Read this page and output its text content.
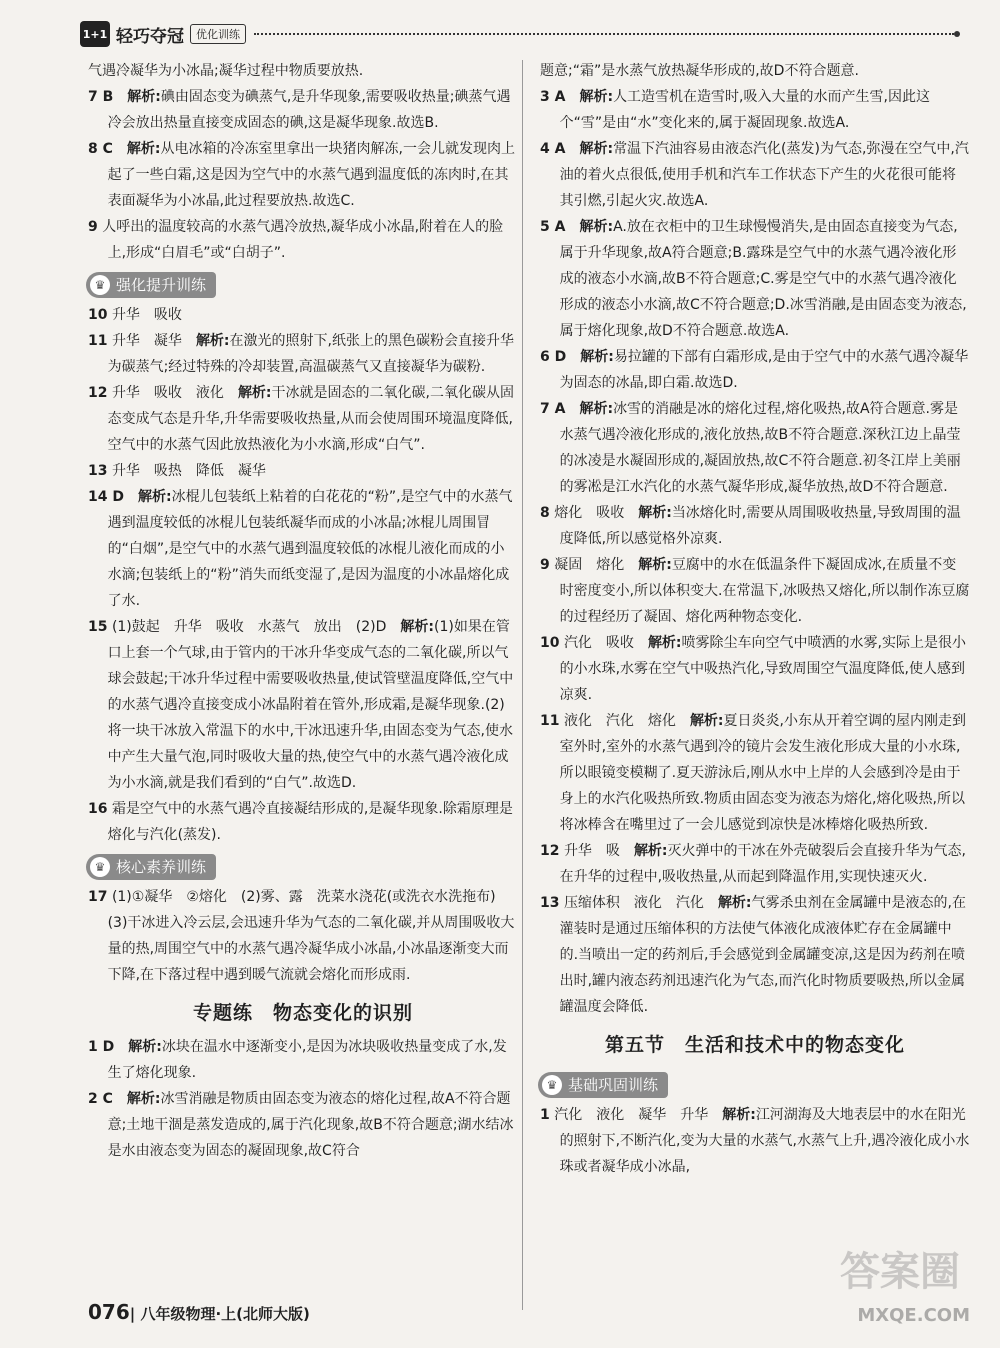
1+1 轻巧夺冠	优化训练

气遇冷凝华为小冰晶;凝华过程中物质要放热.

7 B　 解析:碘由固态变为碘蒸气,是升华现象,需要吸收热量;碘蒸气遇冷会放出热量直接变成固态的碘,这是凝华现象.故选B.

8 C　 解析:从电冰箱的冷冻室里拿出一块猪肉解冻,一会儿就发现肉上起了一些白霜,这是因为空气中的水蒸气遇到温度低的冻肉时,在其表面凝华为小冰晶,此过程要放热.故选C.

9 人呼出的温度较高的水蒸气遇冷放热,凝华成小冰晶,附着在人的脸上,形成“白眉毛”或“白胡子”.

♛ 强化提升训练

10 升华　吸收

11 升华　凝华　解析:在激光的照射下,纸张上的黑色碳粉会直接升华为碳蒸气;经过特殊的冷却装置,高温碳蒸气又直接凝华为碳粉.

12 升华　吸收　液化　解析:干冰就是固态的二氧化碳,二氧化碳从固态变成气态是升华,升华需要吸收热量,从而会使周围环境温度降低,空气中的水蒸气因此放热液化为小水滴,形成“白气”.

13 升华　吸热　降低　凝华

14 D　 解析:冰棍儿包装纸上粘着的白花花的“粉”,是空气中的水蒸气遇到温度较低的冰棍儿包装纸凝华而成的小冰晶;冰棍儿周围冒的“白烟”,是空气中的水蒸气遇到温度较低的冰棍儿液化而成的小水滴;包装纸上的“粉”消失而纸变湿了,是因为温度的小冰晶熔化成了水.

15 (1)鼓起　升华　吸收　水蒸气　放出　(2)D　解析:(1)如果在管口上套一个气球,由于管内的干冰升华变成气态的二氧化碳,所以气球会鼓起;干冰升华过程中需要吸收热量,使试管壁温度降低,空气中的水蒸气遇冷直接变成小冰晶附着在管外,形成霜,是凝华现象.(2)将一块干冰放入常温下的水中,干冰迅速升华,由固态变为气态,使水中产生大量气泡,同时吸收大量的热,使空气中的水蒸气遇冷液化成为小水滴,就是我们看到的“白气”.故选D.

16 霜是空气中的水蒸气遇冷直接凝结形成的,是凝华现象.除霜原理是熔化与汽化(蒸发).

♛ 核心素养训练

17 (1)①凝华　②熔化　(2)雾、露　洗菜水浇花(或洗衣水洗拖布)　(3)干冰进入冷云层,会迅速升华为气态的二氧化碳,并从周围吸收大量的热,周围空气中的水蒸气遇冷凝华成小冰晶,小冰晶逐渐变大而下降,在下落过程中遇到暖气流就会熔化而形成雨.

专题练　物态变化的识别

1 D　 解析:冰块在温水中逐渐变小,是因为冰块吸收热量变成了水,发生了熔化现象.

2 C　 解析:冰雪消融是物质由固态变为液态的熔化过程,故A不符合题意;土地干涸是蒸发造成的,属于汽化现象,故B不符合题意;湖水结冰是水由液态变为固态的凝固现象,故C符合

题意;“霜”是水蒸气放热凝华形成的,故D不符合题意.

3 A　 解析:人工造雪机在造雪时,吸入大量的水而产生雪,因此这个“雪”是由“水”变化来的,属于凝固现象.故选A.

4 A　 解析:常温下汽油容易由液态汽化(蒸发)为气态,弥漫在空气中,汽油的着火点很低,使用手机和汽车工作状态下产生的火花很可能将其引燃,引起火灾.故选A.

5 A　 解析:A.放在衣柜中的卫生球慢慢消失,是由固态直接变为气态,属于升华现象,故A符合题意;B.露珠是空气中的水蒸气遇冷液化形成的液态小水滴,故B不符合题意;C.雾是空气中的水蒸气遇冷液化形成的液态小水滴,故C不符合题意;D.冰雪消融,是由固态变为液态,属于熔化现象,故D不符合题意.故选A.

6 D　 解析:易拉罐的下部有白霜形成,是由于空气中的水蒸气遇冷凝华为固态的冰晶,即白霜.故选D.

7 A　 解析:冰雪的消融是冰的熔化过程,熔化吸热,故A符合题意.雾是水蒸气遇冷液化形成的,液化放热,故B不符合题意.深秋江边上晶莹的冰凌是水凝固形成的,凝固放热,故C不符合题意.初冬江岸上美丽的雾凇是江水汽化的水蒸气凝华形成,凝华放热,故D不符合题意.

8 熔化　吸收　解析:当冰熔化时,需要从周围吸收热量,导致周围的温度降低,所以感觉格外凉爽.

9 凝固　熔化　解析:豆腐中的水在低温条件下凝固成冰,在质量不变时密度变小,所以体积变大.在常温下,冰吸热又熔化,所以制作冻豆腐的过程经历了凝固、熔化两种物态变化.

10 汽化　吸收　解析:喷雾除尘车向空气中喷洒的水雾,实际上是很小的小水珠,水雾在空气中吸热汽化,导致周围空气温度降低,使人感到凉爽.

11 液化　汽化　熔化　解析:夏日炎炎,小东从开着空调的屋内刚走到室外时,室外的水蒸气遇到冷的镜片会发生液化形成大量的小水珠,所以眼镜变模糊了.夏天游泳后,刚从水中上岸的人会感到冷是由于身上的水汽化吸热所致.物质由固态变为液态为熔化,熔化吸热,所以将冰棒含在嘴里过了一会儿感觉到凉快是冰棒熔化吸热所致.

12 升华　吸　解析:灭火弹中的干冰在外壳破裂后会直接升华为气态,在升华的过程中,吸收热量,从而起到降温作用,实现快速灭火.

13 压缩体积　液化　汽化　解析:气雾杀虫剂在金属罐中是液态的,在灌装时是通过压缩体积的方法使气体液化成液体贮存在金属罐中的.当喷出一定的药剂后,手会感觉到金属罐变凉,这是因为药剂在喷出时,罐内液态药剂迅速汽化为气态,而汽化时物质要吸热,所以金属罐温度会降低.

第五节　生活和技术中的物态变化
♛ 基础巩固训练

1 汽化　液化　凝华　升华　解析:江河湖海及大地表层中的水在阳光的照射下,不断汽化,变为大量的水蒸气,水蒸气上升,遇冷液化成小水珠或者凝华成小冰晶,

076| 八年级物理·上(北师大版)
答案圈
MXQE.COM
